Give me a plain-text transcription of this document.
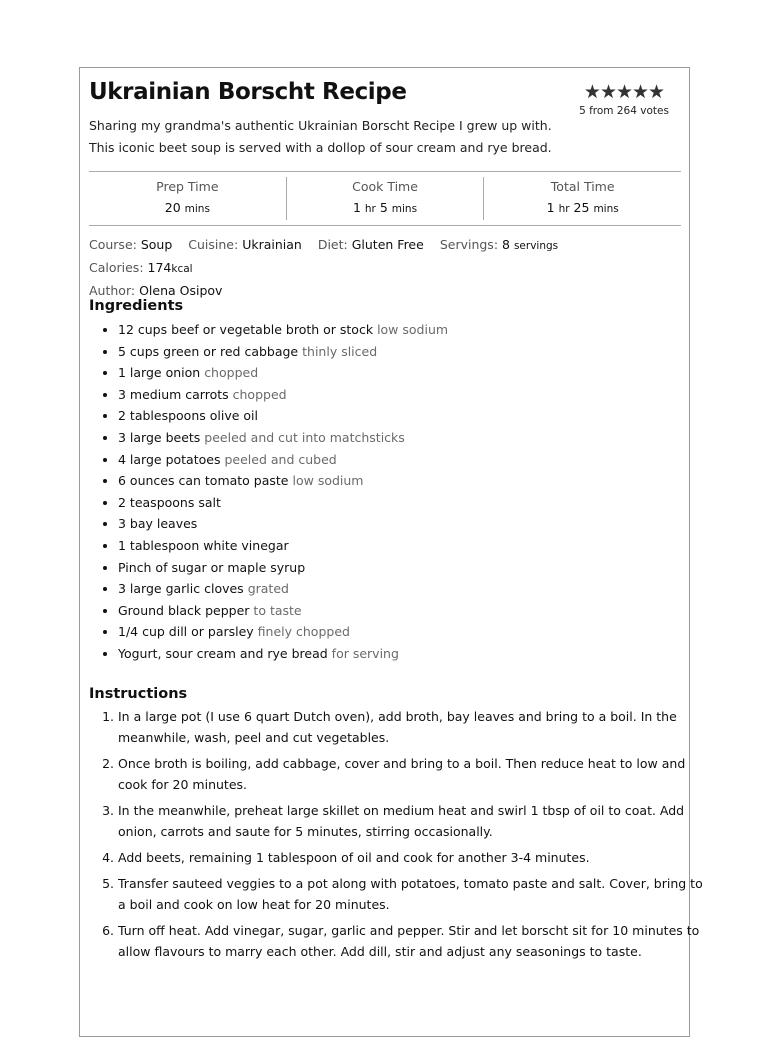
Ukrainian Borscht Recipe	★★★★★
5 from 264 votes

Sharing my grandma's authentic Ukrainian Borscht Recipe I grew up with. This iconic beet soup is served with a dollop of sour cream and rye bread.

Prep Time
20 mins
Cook Time
1 hr 5 mins
Total Time
1 hr 25 mins
Course: Soup Cuisine: Ukrainian Diet: Gluten Free Servings: 8 servings Calories: 174kcal
Author: Olena Osipov
Ingredients
• 12 cups beef or vegetable broth or stock low sodium
• 5 cups green or red cabbage thinly sliced
• 1 large onion chopped
• 3 medium carrots chopped
• 2 tablespoons olive oil
• 3 large beets peeled and cut into matchsticks
• 4 large potatoes peeled and cubed
• 6 ounces can tomato paste low sodium
• 2 teaspoons salt
• 3 bay leaves
• 1 tablespoon white vinegar
• Pinch of sugar or maple syrup
• 3 large garlic cloves grated
• Ground black pepper to taste
• 1/4 cup dill or parsley finely chopped
• Yogurt, sour cream and rye bread for serving
Instructions
1. In a large pot (I use 6 quart Dutch oven), add broth, bay leaves and bring to a boil. In the meanwhile, wash, peel and cut vegetables.
2. Once broth is boiling, add cabbage, cover and bring to a boil. Then reduce heat to low and cook for 20 minutes.
3. In the meanwhile, preheat large skillet on medium heat and swirl 1 tbsp of oil to coat. Add onion, carrots and saute for 5 minutes, stirring occasionally.
4. Add beets, remaining 1 tablespoon of oil and cook for another 3-4 minutes.
5. Transfer sauteed veggies to a pot along with potatoes, tomato paste and salt. Cover, bring to a boil and cook on low heat for 20 minutes.
6. Turn off heat. Add vinegar, sugar, garlic and pepper. Stir and let borscht sit for 10 minutes to allow flavours to marry each other. Add dill, stir and adjust any seasonings to taste.
